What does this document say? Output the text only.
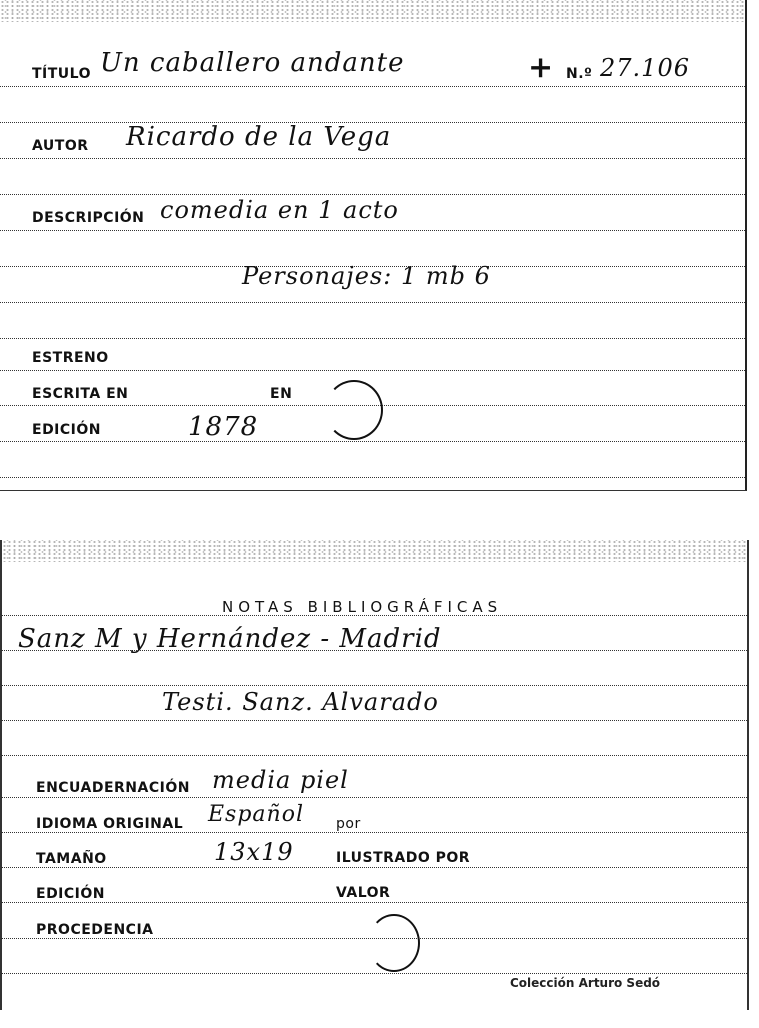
TÍTULO Un caballero andante	+ N.º 27.106
AUTOR Ricardo de la Vega
DESCRIPCIÓN comedia en 1 acto
Personajes: 1 mb 6
ESTRENO
ESCRITA EN	EN
EDICIÓN	1878
NOTAS BIBLIOGRÁFICAS
Sanz M y Hernández - Madrid
Testi. Sanz. Alvarado
ENCUADERNACIÓN media piel
IDIOMA ORIGINAL Español por
TAMAÑO	13x19	ILUSTRADO POR
EDICIÓN	VALOR
PROCEDENCIA
Colección Arturo Sedó
